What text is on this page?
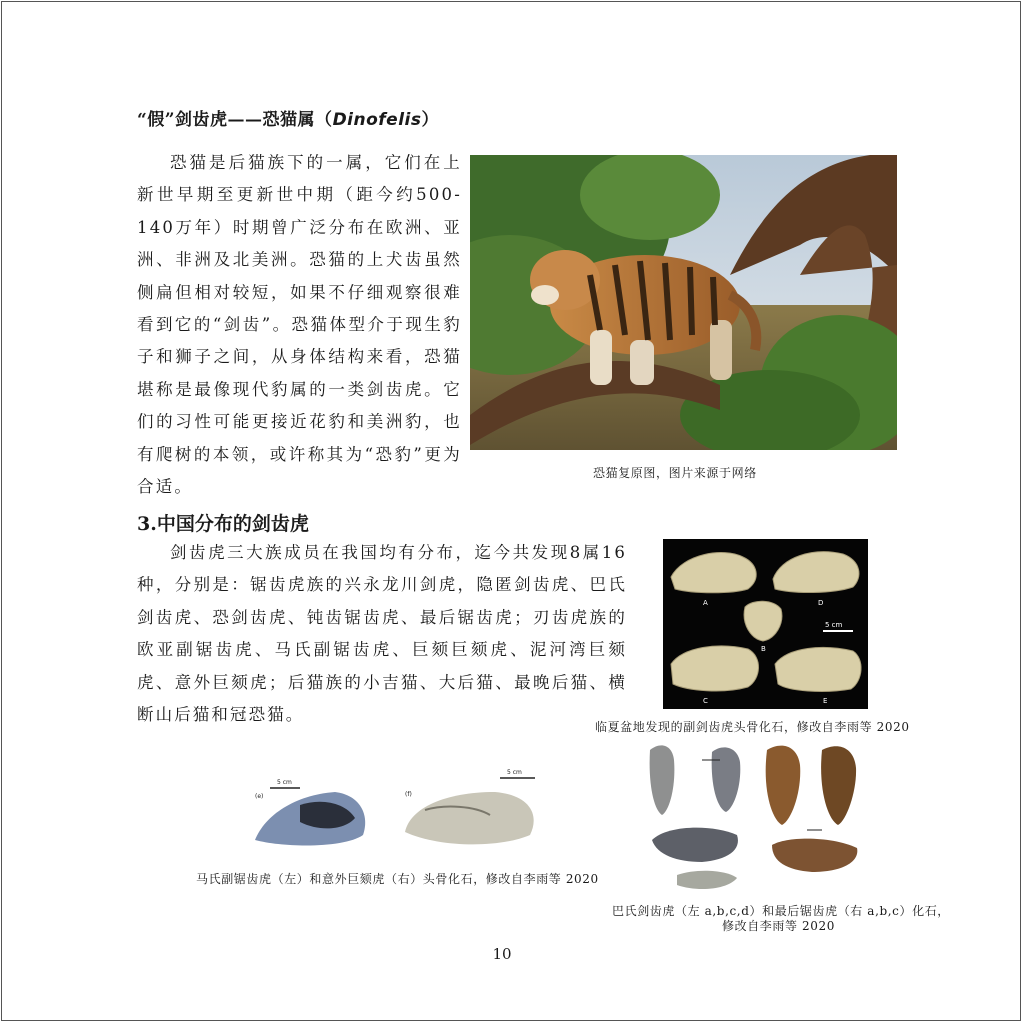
“假”剑齿虎——恐猫属（Dinofelis）
恐猫是后猫族下的一属，它们在上新世早期至更新世中期（距今约500-140万年）时期曾广泛分布在欧洲、亚洲、非洲及北美洲。恐猫的上犬齿虽然侧扁但相对较短，如果不仔细观察很难看到它的“剑齿”。恐猫体型介于现生豹子和狮子之间，从身体结构来看，恐猫堪称是最像现代豹属的一类剑齿虎。它们的习性可能更接近花豹和美洲豹，也有爬树的本领，或许称其为“恐豹”更为合适。
恐猫复原图，图片来源于网络
3.中国分布的剑齿虎
剑齿虎三大族成员在我国均有分布，迄今共发现8属16种，分别是：锯齿虎族的兴永龙川剑虎，隐匿剑齿虎、巴氏剑齿虎、恐剑齿虎、钝齿锯齿虎、最后锯齿虎；刃齿虎族的欧亚副锯齿虎、马氏副锯齿虎、巨颏巨颏虎、泥河湾巨颏虎、意外巨颏虎；后猫族的小吉猫、大后猫、最晚后猫、横断山后猫和冠恐猫。
A	D
B
C	E
5 cm
临夏盆地发现的副剑齿虎头骨化石，修改自李雨等 2020
(e)	(f)
5 cm
5 cm
马氏副锯齿虎（左）和意外巨颏虎（右）头骨化石，修改自李雨等 2020
巴氏剑齿虎（左 a,b,c,d）和最后锯齿虎（右 a,b,c）化石，
修改自李雨等 2020
10
